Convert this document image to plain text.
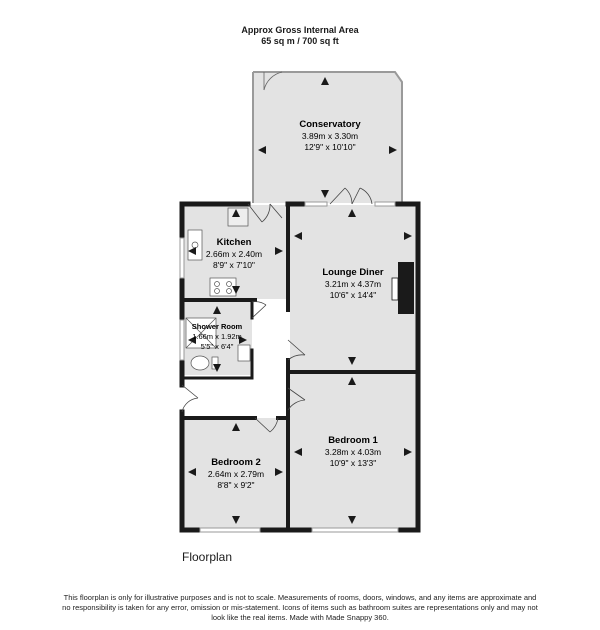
Approx Gross Internal Area
65 sq m / 700 sq ft
Conservatory
3.89m x 3.30m
12'9" x 10'10"
Kitchen
2.66m x 2.40m
8'9" x 7'10"
Lounge Diner
3.21m x 4.37m
10'6" x 14'4"
Shower Room
1.66m x 1.92m
5'5" x 6'4"
Bedroom 1
3.28m x 4.03m
10'9" x 13'3"
Bedroom 2
2.64m x 2.79m
8'8" x 9'2"
Floorplan
This floorplan is only for illustrative purposes and is not to scale. Measurements of rooms, doors, windows, and any items are approximate and no responsibility is taken for any error, omission or mis-statement. Icons of items such as bathroom suites are representations only and may not look like the real items. Made with Made Snappy 360.
